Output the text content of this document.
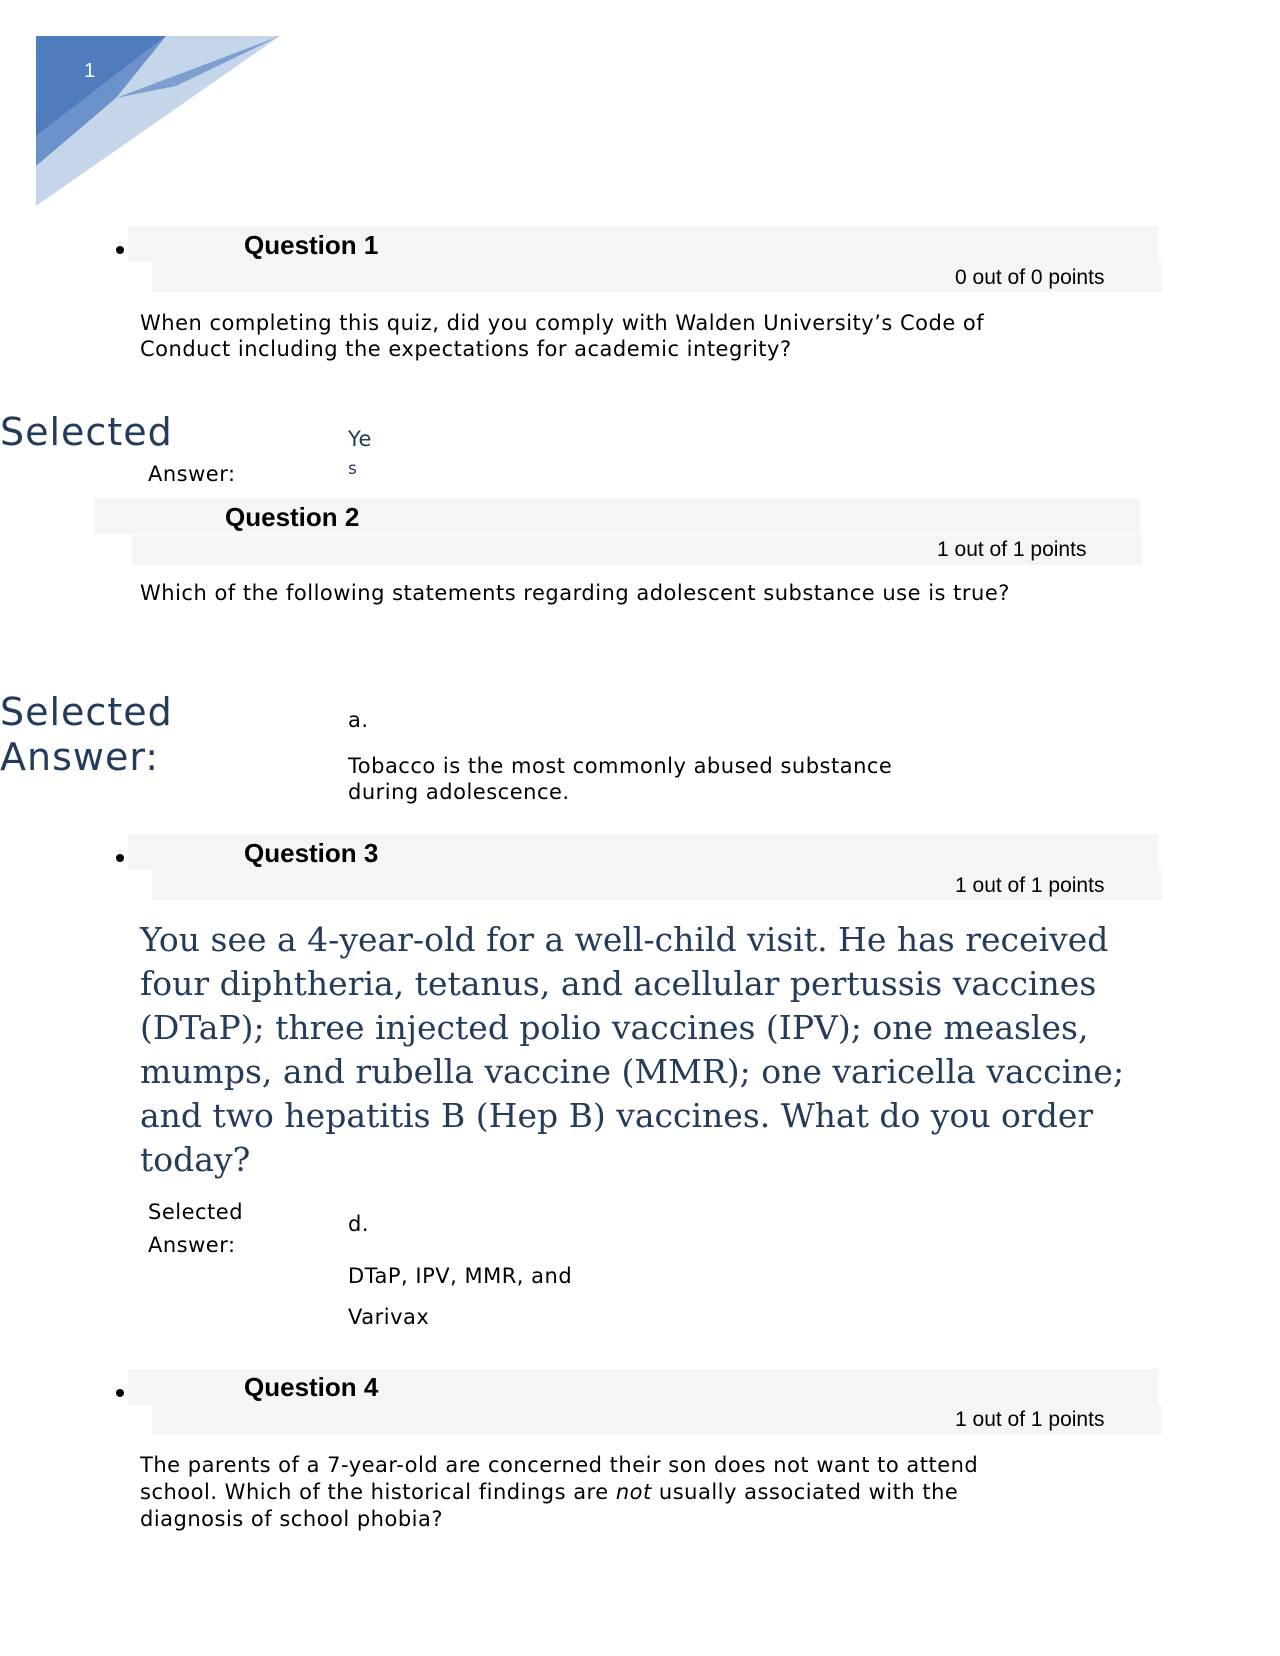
1
Question 1
0 out of 0 points
When completing this quiz, did you comply with Walden University’s Code of
Conduct including the expectations for academic integrity?
Selected
Answer:
Ye
s
Question 2
1 out of 1 points
Which of the following statements regarding adolescent substance use is true?
Selected
Answer:
a.
Tobacco is the most commonly abused substance
during adolescence.
Question 3
1 out of 1 points
You see a 4-year-old for a well-child visit. He has received
four diphtheria, tetanus, and acellular pertussis vaccines
(DTaP); three injected polio vaccines (IPV); one measles,
mumps, and rubella vaccine (MMR); one varicella vaccine;
and two hepatitis B (Hep B) vaccines. What do you order
today?
Selected
Answer:
d.
DTaP, IPV, MMR, and
Varivax
Question 4
1 out of 1 points
The parents of a 7-year-old are concerned their son does not want to attend
school. Which of the historical findings are not usually associated with the
diagnosis of school phobia?
